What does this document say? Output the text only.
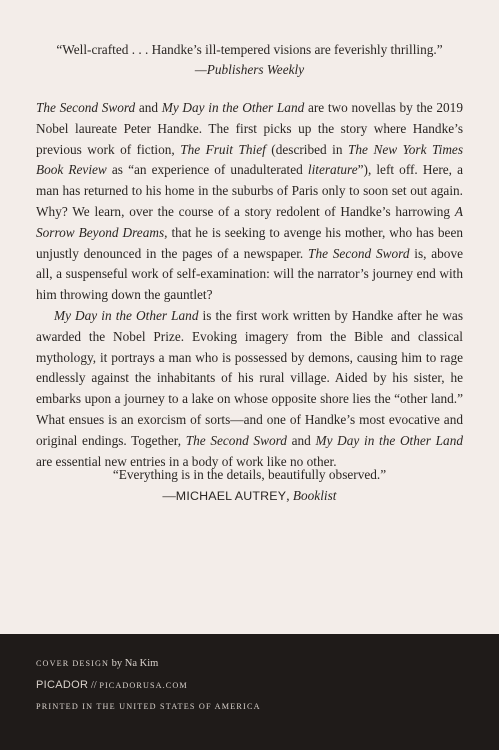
“Well-crafted . . . Handke’s ill-tempered visions are feverishly thrilling.”
—Publishers Weekly

The Second Sword and My Day in the Other Land are two novellas by the 2019 Nobel laureate Peter Handke. The first picks up the story where Handke’s previous work of fiction, The Fruit Thief (described in The New York Times Book Review as “an experience of unadulterated literature”), left off. Here, a man has returned to his home in the suburbs of Paris only to soon set out again. Why? We learn, over the course of a story redolent of Handke’s harrowing A Sorrow Beyond Dreams, that he is seeking to avenge his mother, who has been unjustly denounced in the pages of a newspaper. The Second Sword is, above all, a suspenseful work of self-examination: will the narrator’s journey end with him throwing down the gauntlet?

My Day in the Other Land is the first work written by Handke after he was awarded the Nobel Prize. Evoking imagery from the Bible and classical mythology, it portrays a man who is possessed by demons, causing him to rage endlessly against the inhabitants of his rural village. Aided by his sister, he embarks upon a journey to a lake on whose opposite shore lies the “other land.” What ensues is an exorcism of sorts—and one of Handke’s most evocative and original endings. Together, The Second Sword and My Day in the Other Land are essential new entries in a body of work like no other.

“Everything is in the details, beautifully observed.”
—MICHAEL AUTREY, Booklist
COVER DESIGN by Na Kim
PICADOR // PICADORUSA.COM
PRINTED IN THE UNITED STATES OF AMERICA
